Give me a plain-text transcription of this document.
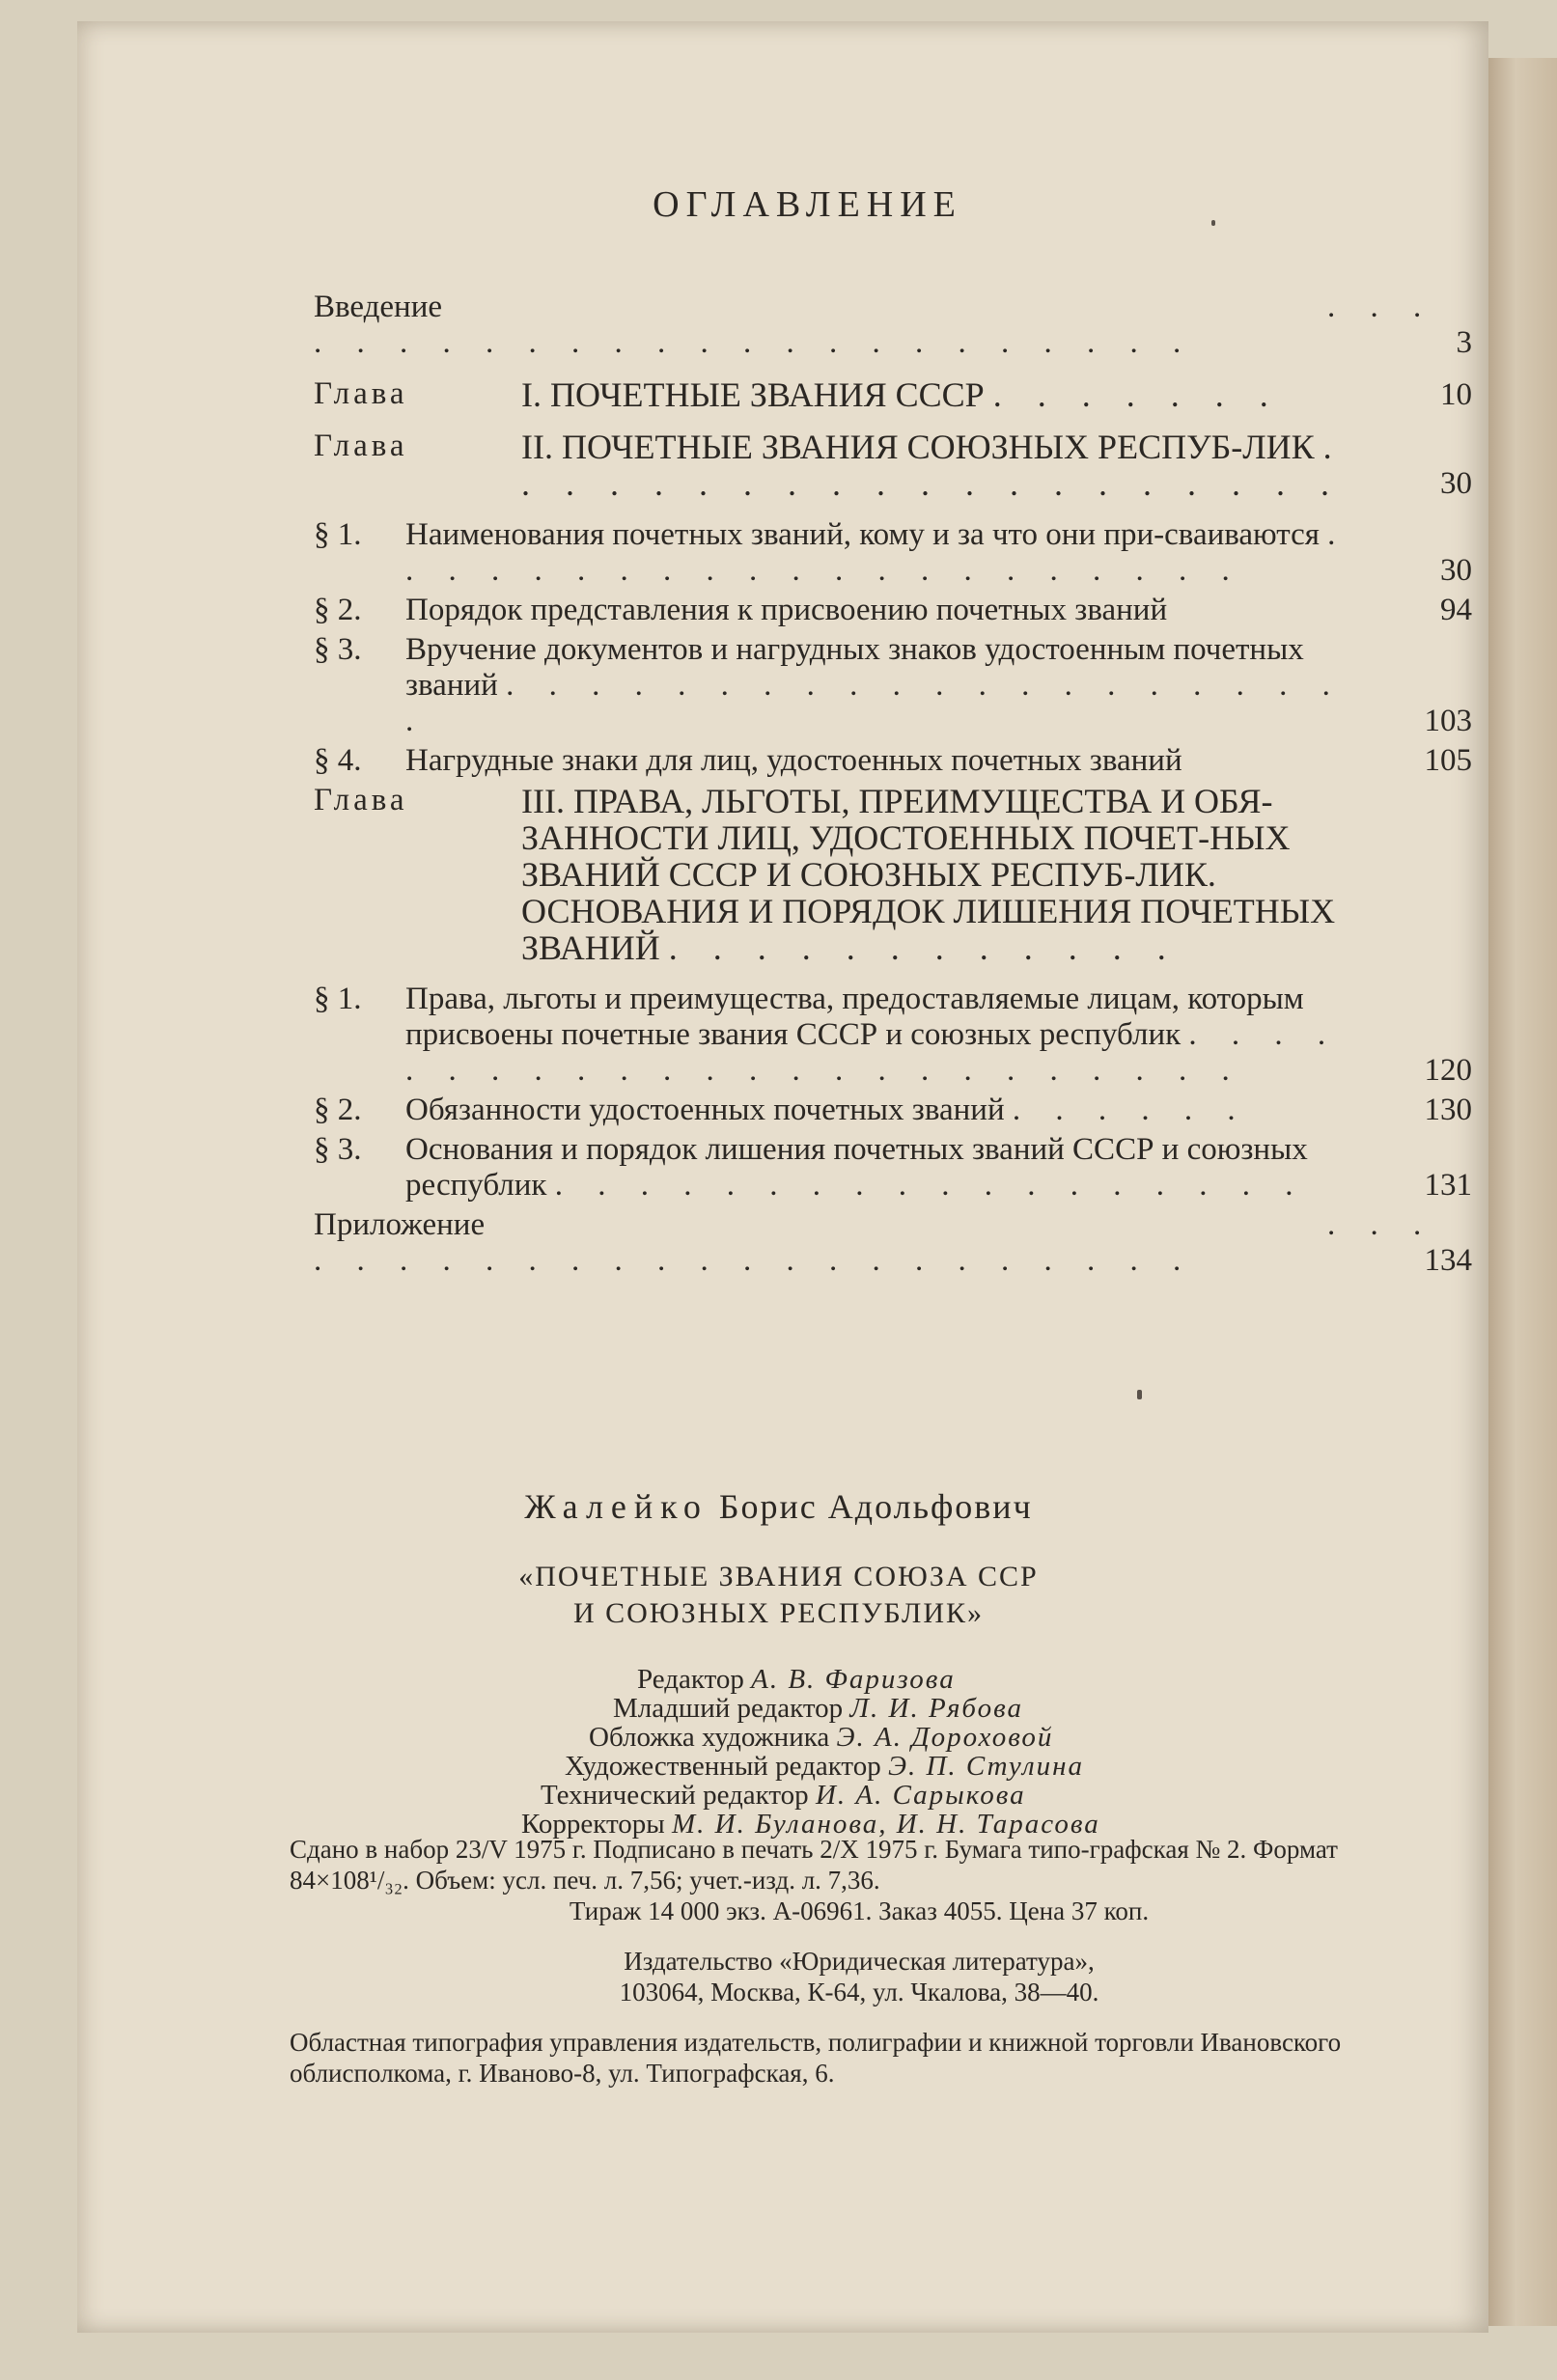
ОГЛАВЛЕНИЕ
Введение	. . . . . . . . . . . . . . . . . . . . . . . .	3
Глава	I. ПОЧЕТНЫЕ ЗВАНИЯ СССР . . . . . . .	10
Глава	II. ПОЧЕТНЫЕ ЗВАНИЯ СОЮЗНЫХ РЕСПУБ-ЛИК . . . . . . . . . . . . . . . . . . . .	30
§ 1. Наименования почетных званий, кому и за что они при-сваиваются . . . . . . . . . . . . . . . . . . . . .	30
§ 2. Порядок представления к присвоению почетных званий	94
§ 3. Вручение документов и нагрудных знаков удостоенным почетных званий . . . . . . . . . . . . . . . . . . . . .	103
§ 4. Нагрудные знаки для лиц, удостоенных почетных званий	105
Глава	III. ПРАВА, ЛЬГОТЫ, ПРЕИМУЩЕСТВА И ОБЯ-ЗАННОСТИ ЛИЦ, УДОСТОЕННЫХ ПОЧЕТ-НЫХ ЗВАНИЙ СССР И СОЮЗНЫХ РЕСПУБ-ЛИК. ОСНОВАНИЯ И ПОРЯДОК ЛИШЕНИЯ ПОЧЕТНЫХ ЗВАНИЙ . . . . . . . . . . . .
§ 1. Права, льготы и преимущества, предоставляемые лицам, которым присвоены почетные звания СССР и союзных республик . . . . . . . . . . . . . . . . . . . . . . . .	120
§ 2. Обязанности удостоенных почетных званий . . . . . .	130
§ 3. Основания и порядок лишения почетных званий СССР и союзных республик . . . . . . . . . . . . . . . . . .	131
Приложение	. . . . . . . . . . . . . . . . . . . . . . . .	134
Жалейко Борис Адольфович
«ПОЧЕТНЫЕ ЗВАНИЯ СОЮЗА ССР
И СОЮЗНЫХ РЕСПУБЛИК»
Редактор А. В. Фаризова
Младший редактор Л. И. Рябова
Обложка художника Э. А. Дороховой
Художественный редактор Э. П. Стулина
Технический редактор И. А. Сарыкова
Корректоры М. И. Буланова, И. Н. Тарасова
Сдано в набор 23/V 1975 г. Подписано в печать 2/X 1975 г. Бумага типо-графская № 2. Формат 84×108¹/₃₂. Объем: усл. печ. л. 7,56; учет.-изд. л. 7,36.
Тираж 14 000 экз. А-06961. Заказ 4055. Цена 37 коп.
Издательство «Юридическая литература»,
103064, Москва, К-64, ул. Чкалова, 38—40.
Областная типография управления издательств, полиграфии и книжной торговли Ивановского облисполкома, г. Иваново-8, ул. Типографская, 6.
